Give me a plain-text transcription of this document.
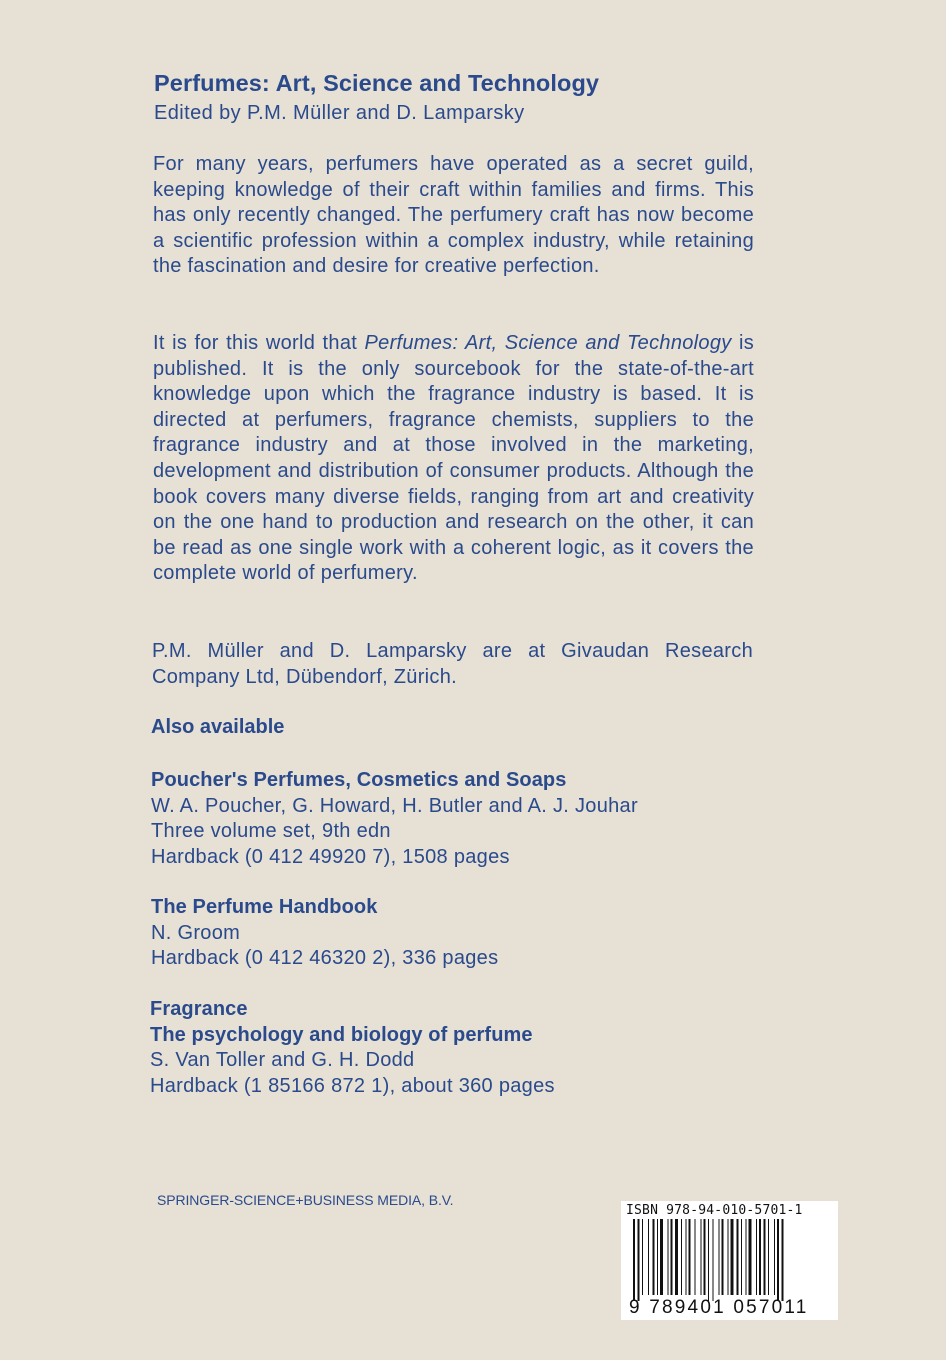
Perfumes: Art, Science and Technology

Edited by P.M. Müller and D. Lamparsky

For many years, perfumers have operated as a secret guild, keeping knowledge of their craft within families and firms. This has only recently changed. The perfumery craft has now become a scientific profession within a complex industry, while retaining the fascination and desire for creative perfection.

It is for this world that Perfumes: Art, Science and Technology is published. It is the only sourcebook for the state-of-the-art knowledge upon which the fragrance industry is based. It is directed at perfumers, fragrance chemists, suppliers to the fragrance industry and at those involved in the marketing, development and distribution of consumer products. Although the book covers many diverse fields, ranging from art and creativity on the one hand to production and research on the other, it can be read as one single work with a coherent logic, as it covers the complete world of perfumery.

P.M. Müller and D. Lamparsky are at Givaudan Research Company Ltd, Dübendorf, Zürich.

Also available
Poucher's Perfumes, Cosmetics and Soaps
W. A. Poucher, G. Howard, H. Butler and A. J. Jouhar
Three volume set, 9th edn
Hardback (0 412 49920 7), 1508 pages
The Perfume Handbook
N. Groom
Hardback (0 412 46320 2), 336 pages
Fragrance
The psychology and biology of perfume
S. Van Toller and G. H. Dodd
Hardback (1 85166 872 1), about 360 pages

SPRINGER-SCIENCE+BUSINESS MEDIA, B.V.

ISBN 978-94-010-5701-1

9 789401 057011
